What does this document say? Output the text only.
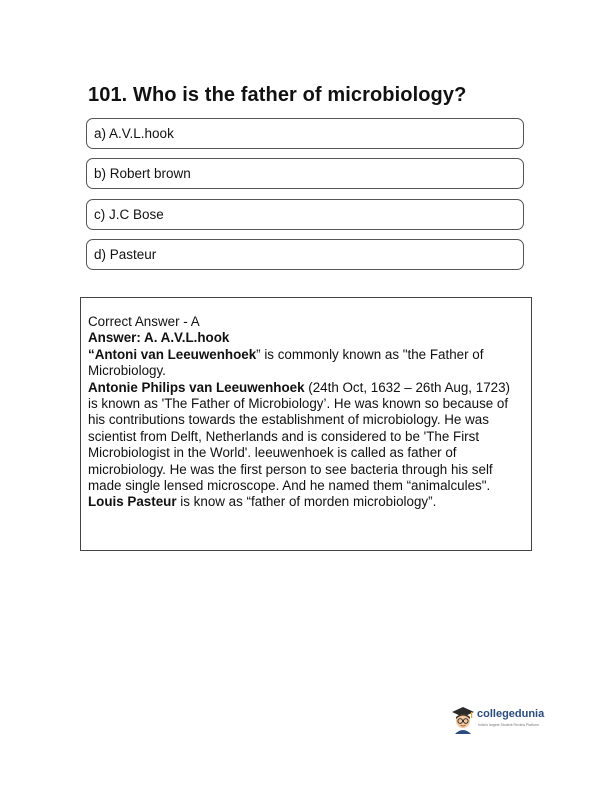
101. Who is the father of microbiology?
a) A.V.L.hook
b) Robert brown
c) J.C Bose
d) Pasteur

Correct Answer - A

Answer: A. A.V.L.hook

“Antoni van Leeuwenhoek” is commonly known as "the Father of Microbiology.

Antonie Philips van Leeuwenhoek (24th Oct, 1632 – 26th Aug, 1723) is known as 'The Father of Microbiology’. He was known so because of his contributions towards the establishment of microbiology. He was scientist from Delft, Netherlands and is considered to be 'The First Microbiologist in the World'. leeuwenhoek is called as father of microbiology. He was the first person to see bacteria through his self made single lensed microscope. And he named them “animalcules". Louis Pasteur is know as “father of morden microbiology”.

collegedunia
India's largest Student Review Platform
